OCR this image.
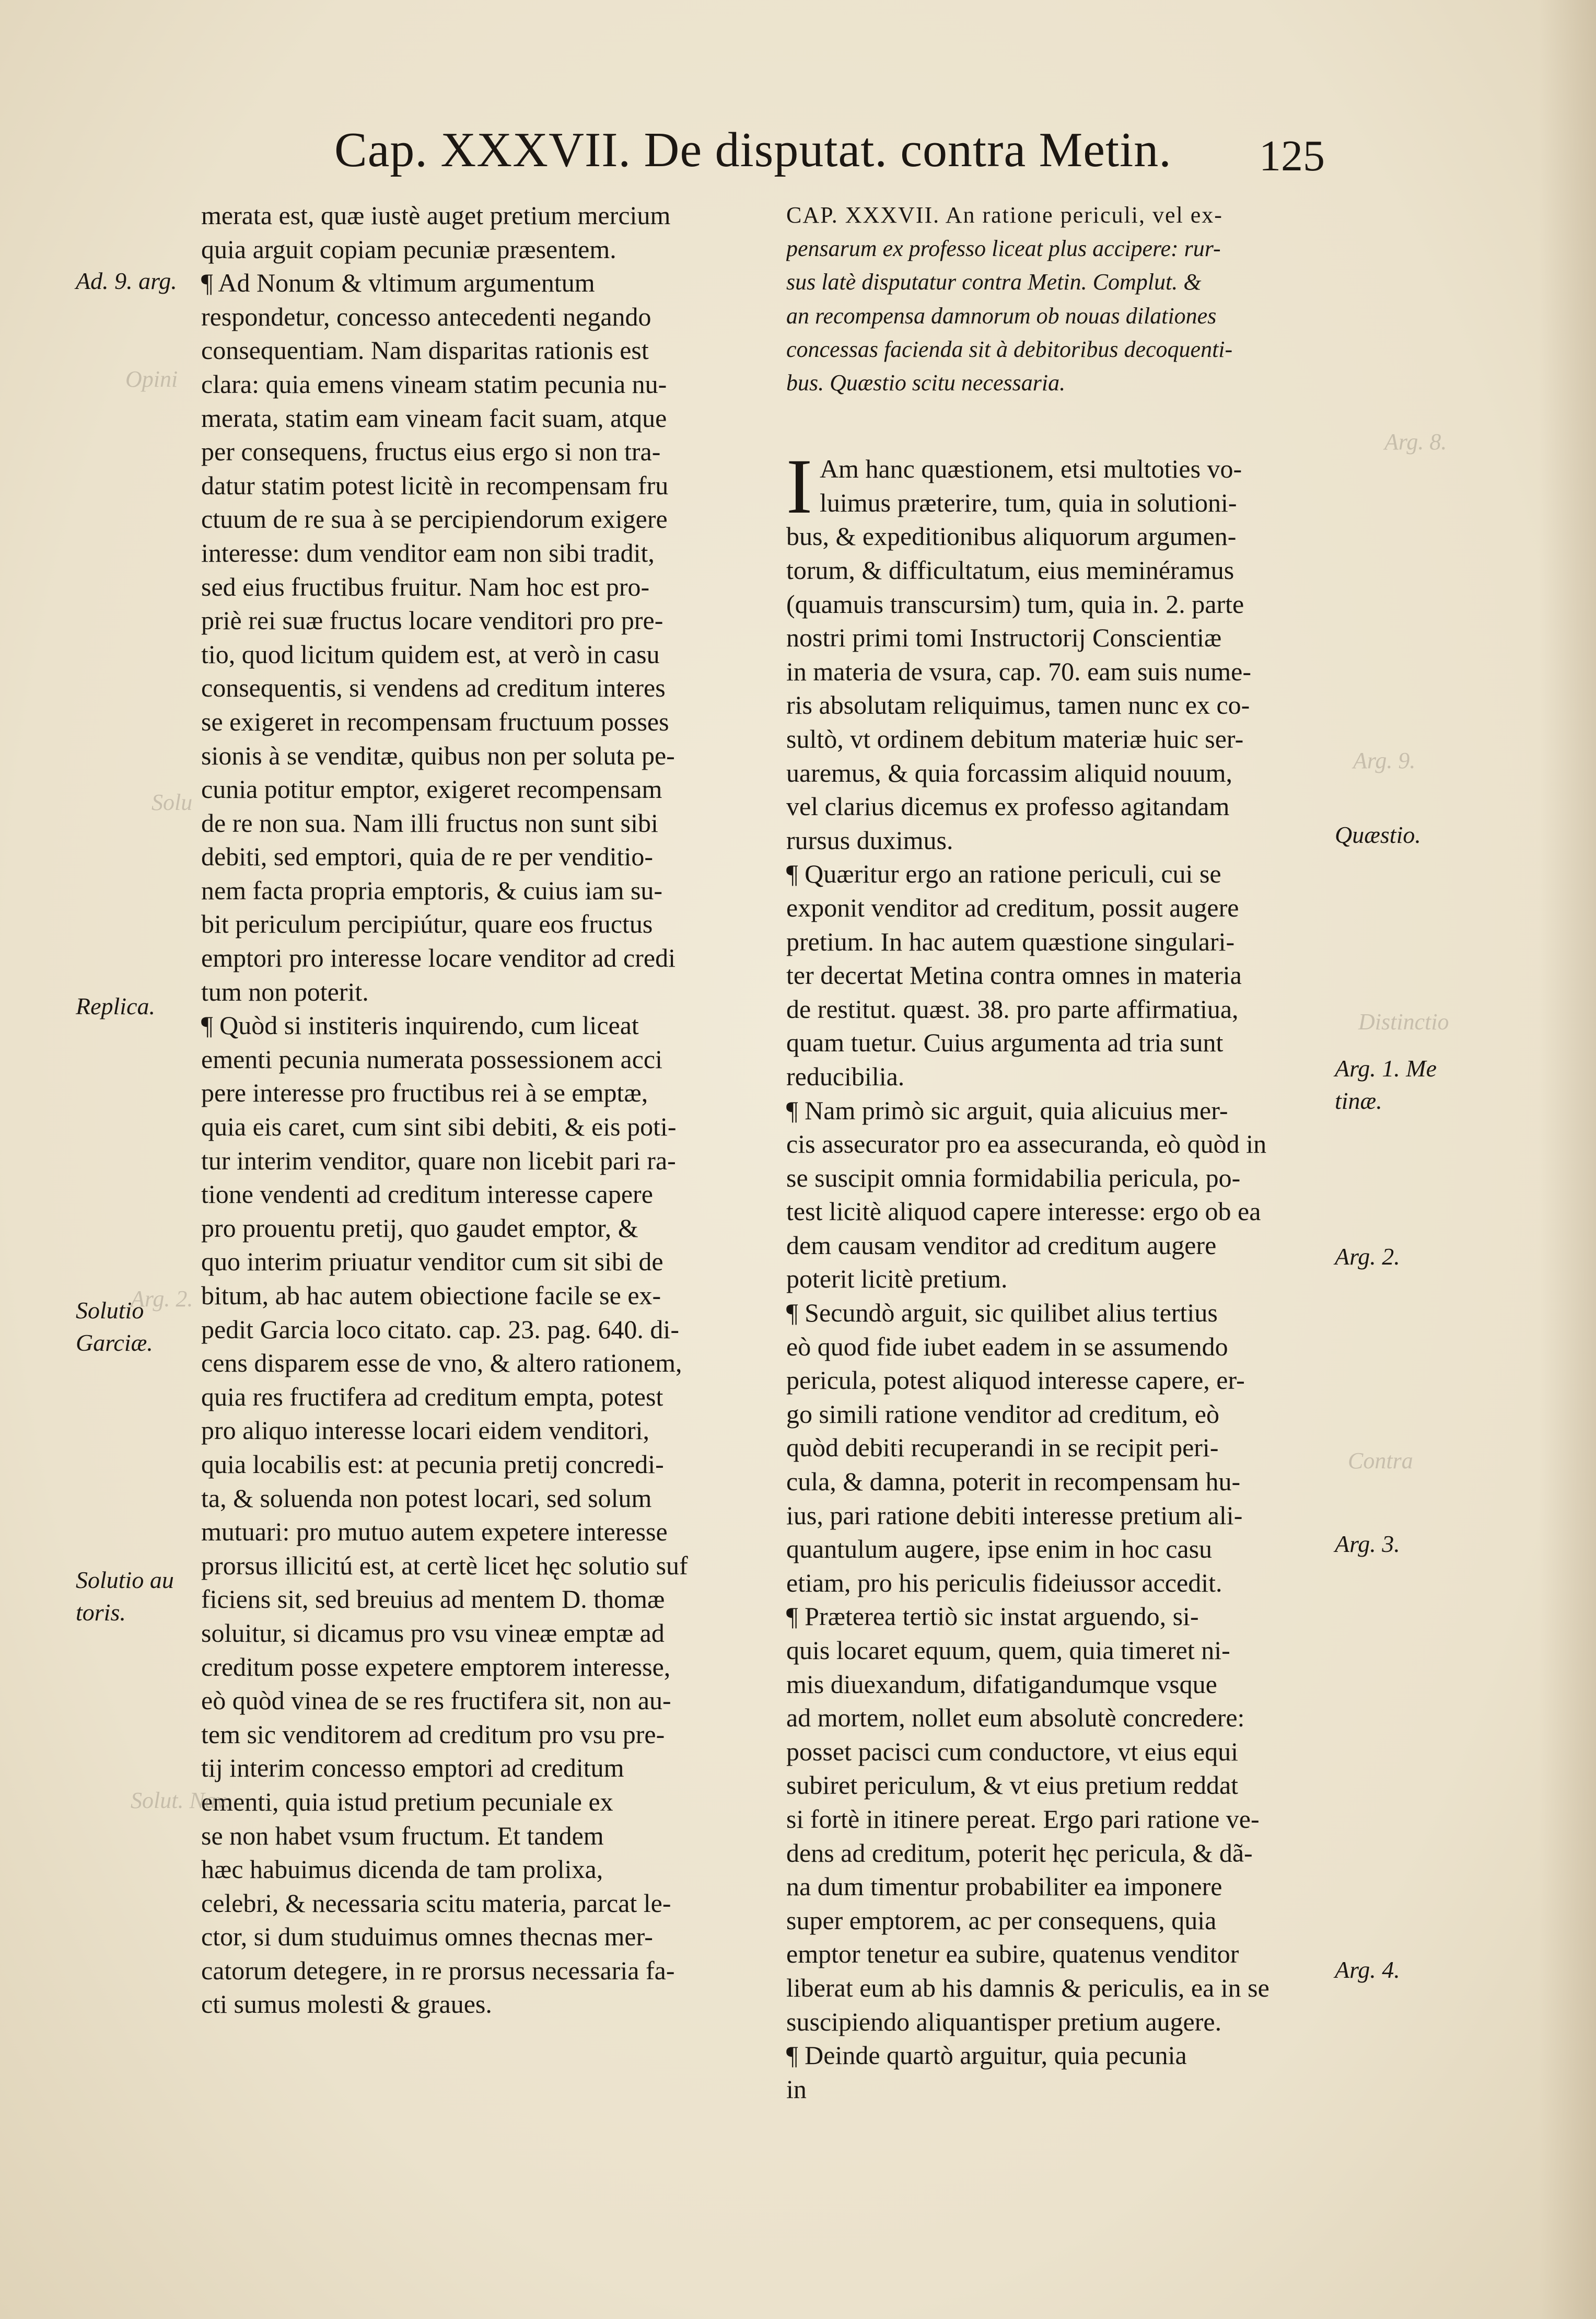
Cap. XXXVII. De disputat. contra Metin.	125
merata est, quæ iustè auget pretium mercium
quia arguit copiam pecuniæ præsentem.
¶ Ad Nonum & vltimum argumentum
respondetur, concesso antecedenti negando
consequentiam. Nam disparitas rationis est
clara: quia emens vineam statim pecunia nu-
merata, statim eam vineam facit suam, atque
per consequens, fructus eius ergo si non tra-
datur statim potest licitè in recompensam fru
ctuum de re sua à se percipiendorum exigere
interesse: dum venditor eam non sibi tradit,
sed eius fructibus fruitur. Nam hoc est pro-
priè rei suæ fructus locare venditori pro pre-
tio, quod licitum quidem est, at verò in casu
consequentis, si vendens ad creditum interes
se exigeret in recompensam fructuum posses
sionis à se venditæ, quibus non per soluta pe-
cunia potitur emptor, exigeret recompensam
de re non sua. Nam illi fructus non sunt sibi
debiti, sed emptori, quia de re per venditio-
nem facta propria emptoris, & cuius iam su-
bit periculum percipiútur, quare eos fructus
emptori pro interesse locare venditor ad credi
tum non poterit.
¶ Quòd si institeris inquirendo, cum liceat
ementi pecunia numerata possessionem acci
pere interesse pro fructibus rei à se emptæ,
quia eis caret, cum sint sibi debiti, & eis poti-
tur interim venditor, quare non licebit pari ra-
tione vendenti ad creditum interesse capere
pro prouentu pretij, quo gaudet emptor, &
quo interim priuatur venditor cum sit sibi de
bitum, ab hac autem obiectione facile se ex-
pedit Garcia loco citato. cap. 23. pag. 640. di-
cens disparem esse de vno, & altero rationem,
quia res fructifera ad creditum empta, potest
pro aliquo interesse locari eidem venditori,
quia locabilis est: at pecunia pretij concredi-
ta, & soluenda non potest locari, sed solum
mutuari: pro mutuo autem expetere interesse
prorsus illicitú est, at certè licet hęc solutio suf
ficiens sit, sed breuius ad mentem D. thomæ
soluitur, si dicamus pro vsu vineæ emptæ ad
creditum posse expetere emptorem interesse,
eò quòd vinea de se res fructifera sit, non au-
tem sic venditorem ad creditum pro vsu pre-
tij interim concesso emptori ad creditum
ementi, quia istud pretium pecuniale ex
se non habet vsum fructum. Et tandem
hæc habuimus dicenda de tam prolixa,
celebri, & necessaria scitu materia, parcat le-
ctor, si dum studuimus omnes thecnas mer-
catorum detegere, in re prorsus necessaria fa-
cti sumus molesti & graues.
CAP. XXXVII. An ratione periculi, vel ex-
pensarum ex professo liceat plus accipere: rur-
sus latè disputatur contra Metin. Complut. &
an recompensa damnorum ob nouas dilationes
concessas facienda sit à debitoribus decoquenti-
bus. Quæstio scitu necessaria.
I Am hanc quæstionem, etsi multoties vo-
luimus præterire, tum, quia in solutioni-
bus, & expeditionibus aliquorum argumen-
torum, & difficultatum, eius meminéramus
(quamuis transcursim) tum, quia in. 2. parte
nostri primi tomi Instructorij Conscientiæ
in materia de vsura, cap. 70. eam suis nume-
ris absolutam reliquimus, tamen nunc ex co-
sultò, vt ordinem debitum materiæ huic ser-
uaremus, & quia forcassim aliquid nouum,
vel clarius dicemus ex professo agitandam
rursus duximus.
¶ Quæritur ergo an ratione periculi, cui se
exponit venditor ad creditum, possit augere
pretium. In hac autem quæstione singulari-
ter decertat Metina contra omnes in materia
de restitut. quæst. 38. pro parte affirmatiua,
quam tuetur. Cuius argumenta ad tria sunt
reducibilia.
¶ Nam primò sic arguit, quia alicuius mer-
cis assecurator pro ea assecuranda, eò quòd in
se suscipit omnia formidabilia pericula, po-
test licitè aliquod capere interesse: ergo ob ea
dem causam venditor ad creditum augere
poterit licitè pretium.
¶ Secundò arguit, sic quilibet alius tertius
eò quod fide iubet eadem in se assumendo
pericula, potest aliquod interesse capere, er-
go simili ratione venditor ad creditum, eò
quòd debiti recuperandi in se recipit peri-
cula, & damna, poterit in recompensam hu-
ius, pari ratione debiti interesse pretium ali-
quantulum augere, ipse enim in hoc casu
etiam, pro his periculis fideiussor accedit.
¶ Præterea tertiò sic instat arguendo, si-
quis locaret equum, quem, quia timeret ni-
mis diuexandum, difatigandumque vsque
ad mortem, nollet eum absolutè concredere:
posset pacisci cum conductore, vt eius equi
subiret periculum, & vt eius pretium reddat
si fortè in itinere pereat. Ergo pari ratione ve-
dens ad creditum, poterit hęc pericula, & dã-
na dum timentur probabiliter ea imponere
super emptorem, ac per consequens, quia
emptor tenetur ea subire, quatenus venditor
liberat eum ab his damnis & periculis, ea in se
suscipiendo aliquantisper pretium augere.
¶ Deinde quartò arguitur, quia pecunia
in
Ad. 9. arg.
Replica.
Solutio
Garciæ.
Solutio au
toris.
Quæstio.
Arg. 1. Me
tinæ.
Arg. 2.
Arg. 3.
Arg. 4.
Opini
Arg. 8.
Arg. 9.
Solu
Distinctio
Contra
Arg. 2.
Solut. Nav.
